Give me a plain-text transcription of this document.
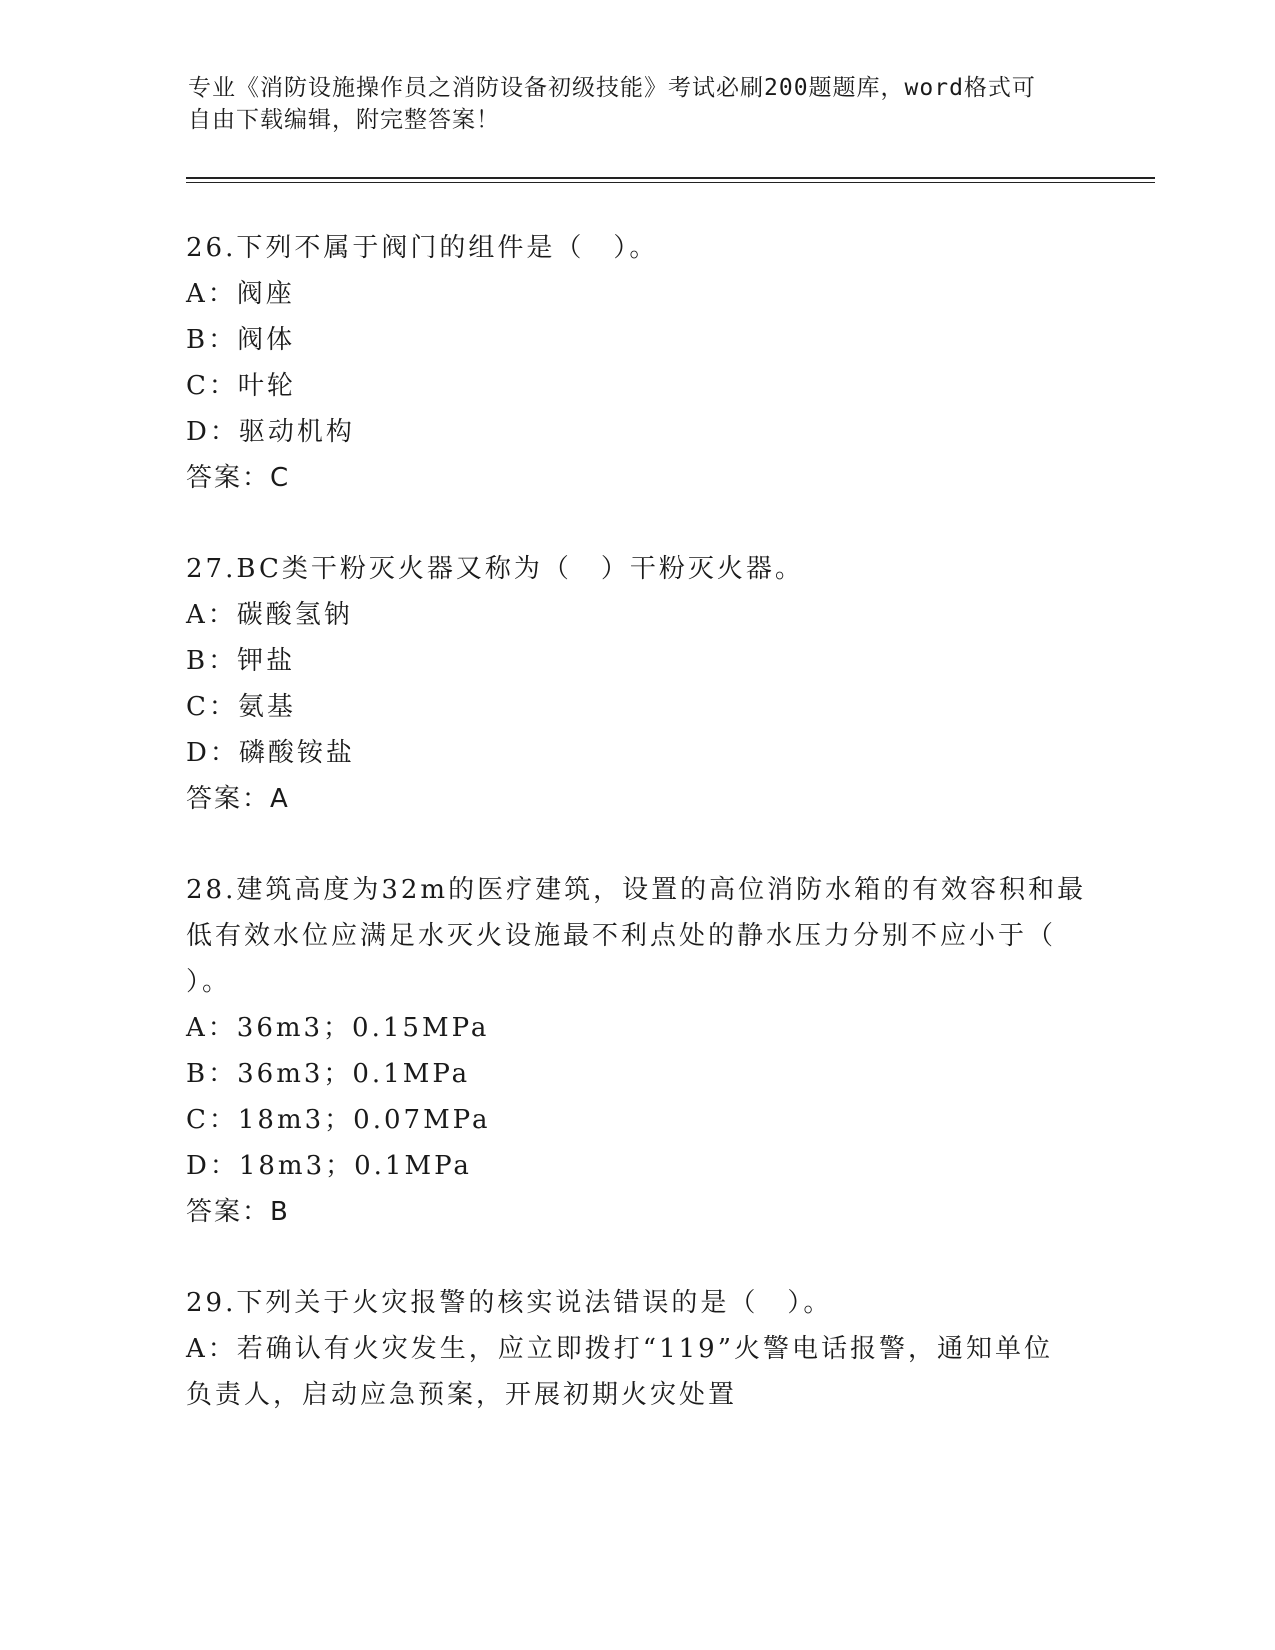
专业《消防设施操作员之消防设备初级技能》考试必刷200题题库，word格式可
自由下载编辑，附完整答案！
26.下列不属于阀门的组件是（　）。
A：阀座
B：阀体
C：叶轮
D：驱动机构
答案：C
27.BC类干粉灭火器又称为（　）干粉灭火器。
A：碳酸氢钠
B：钾盐
C：氨基
D：磷酸铵盐
答案：A
28.建筑高度为32m的医疗建筑，设置的高位消防水箱的有效容积和最
低有效水位应满足水灭火设施最不利点处的静水压力分别不应小于（
）。
A：36m3；0.15MPa
B：36m3；0.1MPa
C：18m3；0.07MPa
D：18m3；0.1MPa
答案：B
29.下列关于火灾报警的核实说法错误的是（　）。
A：若确认有火灾发生，应立即拨打“119”火警电话报警，通知单位
负责人，启动应急预案，开展初期火灾处置
